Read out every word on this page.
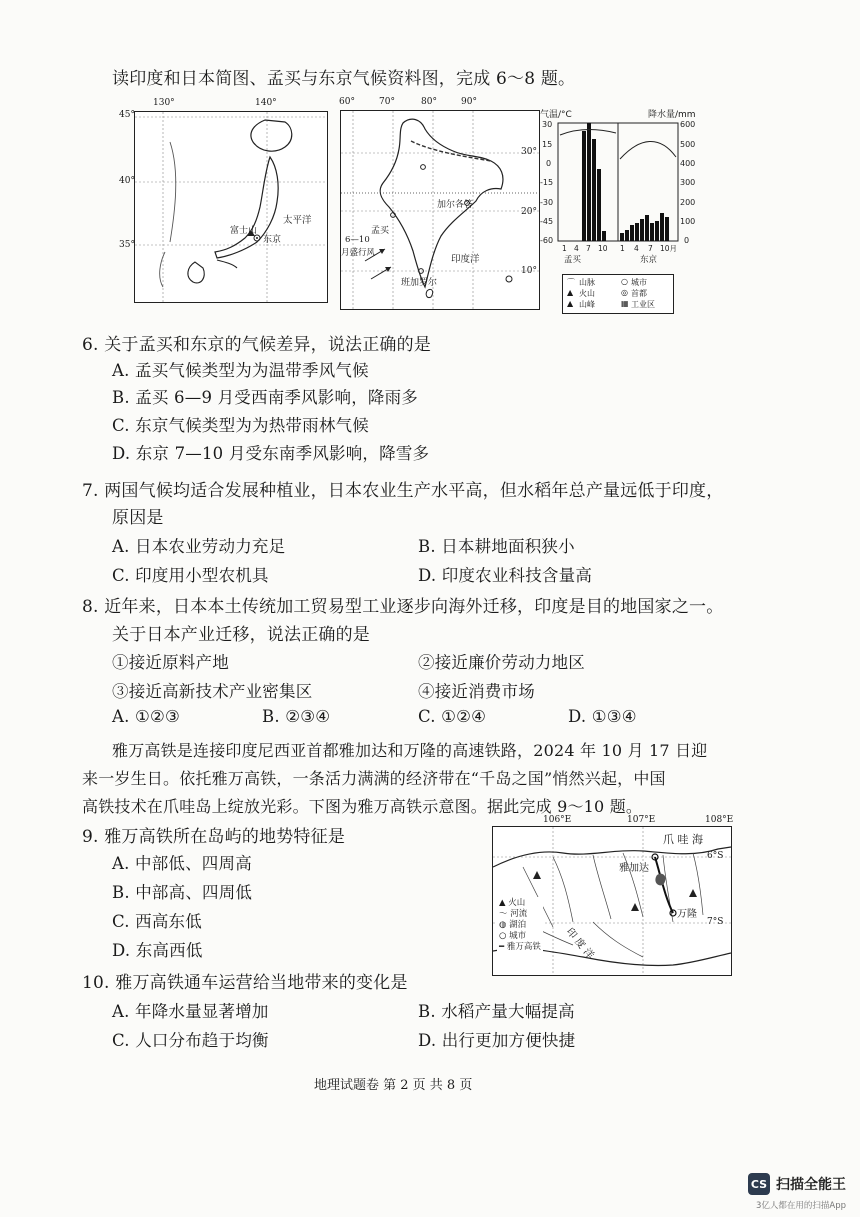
读印度和日本简图、孟买与东京气候资料图，完成 6～8 题。
45°
40°
35°
130°	140°
太平洋
富士山
东京
60°	70°	80°	90°
30°
20°
10°
加尔各答
孟买
6—10
月盛行风
班加罗尔
印度洋
气温/°C	降水量/mm
30
15
0
-15
-30
-45
-60
600
500
400
300
200
100
0
1 4 7 10 1 4 7 10月
孟买	东京
⌒ 山脉	○ 城市
▲ 火山	◎ 首都
▲ 山峰	▦ 工业区
6. 关于孟买和东京的气候差异，说法正确的是
A. 孟买气候类型为为温带季风气候
B. 孟买 6—9 月受西南季风影响，降雨多
C. 东京气候类型为为热带雨林气候
D. 东京 7—10 月受东南季风影响，降雪多
7. 两国气候均适合发展种植业，日本农业生产水平高，但水稻年总产量远低于印度，
原因是
A. 日本农业劳动力充足	B. 日本耕地面积狭小
C. 印度用小型农机具	D. 印度农业科技含量高
8. 近年来，日本本土传统加工贸易型工业逐步向海外迁移，印度是目的地国家之一。
关于日本产业迁移，说法正确的是
①接近原料产地	②接近廉价劳动力地区
③接近高新技术产业密集区	④接近消费市场
A. ①②③	B. ②③④	C. ①②④	D. ①③④
雅万高铁是连接印度尼西亚首都雅加达和万隆的高速铁路，2024 年 10 月 17 日迎
来一岁生日。依托雅万高铁，一条活力满满的经济带在“千岛之国”悄然兴起，中国
高铁技术在爪哇岛上绽放光彩。下图为雅万高铁示意图。据此完成 9～10 题。
106°E	107°E	108°E
6°S
7°S
爪 哇 海
雅加达
万隆
印 度 洋
▲ 火山
〜 河流
◍ 湖泊
○ 城市
━ 雅万高铁
9. 雅万高铁所在岛屿的地势特征是
A. 中部低、四周高
B. 中部高、四周低
C. 西高东低
D. 东高西低
10. 雅万高铁通车运营给当地带来的变化是
A. 年降水量显著增加	B. 水稻产量大幅提高
C. 人口分布趋于均衡	D. 出行更加方便快捷
地理试题卷 第 2 页 共 8 页
CS 扫描全能王
3亿人都在用的扫描App
